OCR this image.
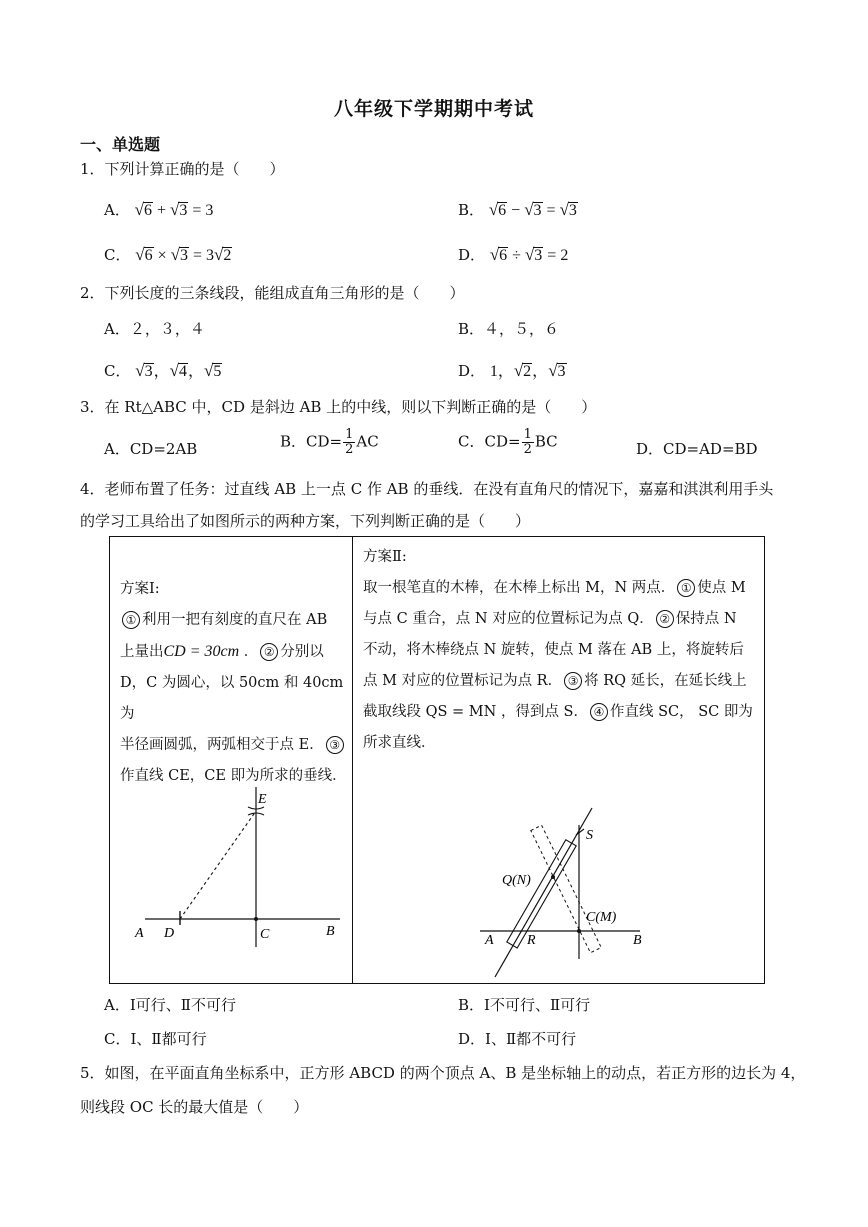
八年级下学期期中考试
一、单选题
1．下列计算正确的是（　　）
A． √6 + √3 = 3	B． √6 − √3 = √3
C． √6 × √3 = 3√2	D． √6 ÷ √3 = 2
2．下列长度的三条线段，能组成直角三角形的是（　　）
A．２，３，４	B．４，５，６
C． √3，√4，√5	D． 1，√2，√3
3．在 Rt△ABC 中，CD 是斜边 AB 上的中线，则以下判断正确的是（　　）
A．CD=2AB	B．$CD= \frac{1}{2}$ AC	C．$CD= \frac{1}{2}$ BC	D．CD=AD=BD
4．老师布置了任务：过直线 AB 上一点 C 作 AB 的垂线．在没有直角尺的情况下，嘉嘉和淇淇利用手头
的学习工具给出了如图所示的两种方案，下列判断正确的是（　　）
方案Ⅰ:
① 利用一把有刻度的直尺在 AB
上量出CD = 30cm ． ② 分别以
D，C 为圆心，以 50cm 和 40cm 为
半径画圆弧，两弧相交于点 E． ③
作直线 CE，CE 即为所求的垂线．
A D	C	B
E
方案Ⅱ:
取一根笔直的木棒，在木棒上标出 M，N 两点． ① 使点 M
与点 C 重合，点 N 对应的位置标记为点 Q． ② 保持点 N
不动，将木棒绕点 N 旋转，使点 M 落在 AB 上，将旋转后
点 M 对应的位置标记为点 R． ③ 将 RQ 延长，在延长线上
截取线段 QS = MN ，得到点 S． ④ 作直线 SC， SC 即为
所求直线．
S
Q(N)
C(M)
A R	B
A．Ⅰ可行、Ⅱ不可行	B．Ⅰ不可行、Ⅱ可行
C．Ⅰ、Ⅱ都可行	D．Ⅰ、Ⅱ都不可行
5．如图，在平面直角坐标系中，正方形 ABCD 的两个顶点 A、B 是坐标轴上的动点，若正方形的边长为 4，
则线段 OC 长的最大值是（　　）
